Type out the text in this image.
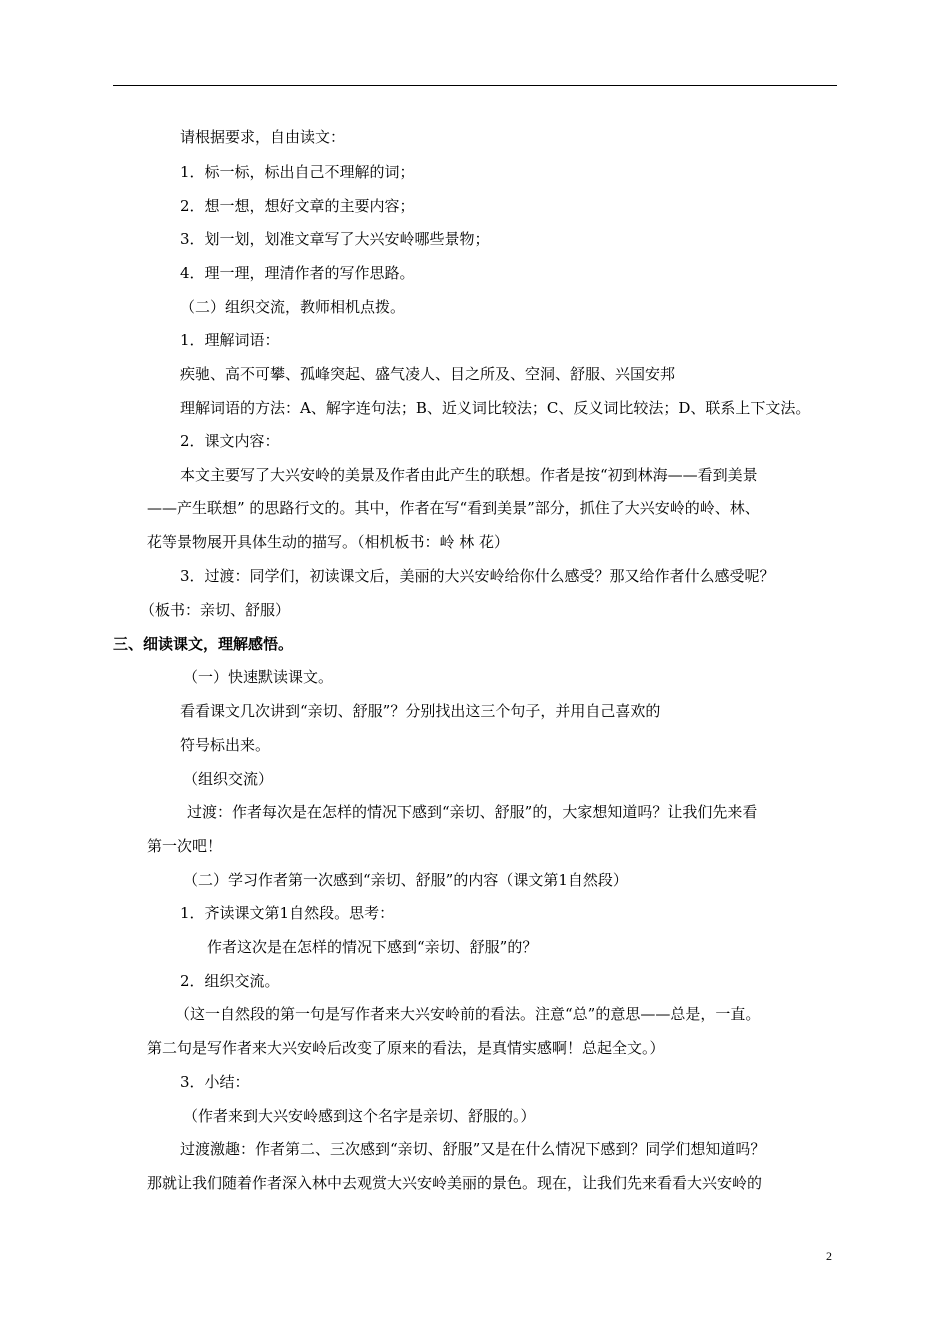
请根据要求，自由读文：

1．标一标，标出自己不理解的词；

2．想一想，想好文章的主要内容；

3．划一划，划准文章写了大兴安岭哪些景物；

4．理一理，理清作者的写作思路。

（二）组织交流，教师相机点拨。

1．理解词语：

疾驰、高不可攀、孤峰突起、盛气凌人、目之所及、空洞、舒服、兴国安邦

理解词语的方法：A、解字连句法；B、近义词比较法；C、反义词比较法；D、联系上下文法。

2．课文内容：

本文主要写了大兴安岭的美景及作者由此产生的联想。作者是按“初到林海——看到美景

——产生联想” 的思路行文的。其中，作者在写“看到美景”部分，抓住了大兴安岭的岭、林、

花等景物展开具体生动的描写。（相机板书：岭 林 花）

3．过渡：同学们，初读课文后，美丽的大兴安岭给你什么感受？那又给作者什么感受呢？

（板书：亲切、舒服）

三、细读课文，理解感悟。

（一）快速默读课文。

看看课文几次讲到“亲切、舒服”？分别找出这三个句子，并用自己喜欢的

符号标出来。

（组织交流）

过渡：作者每次是在怎样的情况下感到“亲切、舒服”的，大家想知道吗？让我们先来看

第一次吧！

（二）学习作者第一次感到“亲切、舒服”的内容（课文第1自然段）

1．齐读课文第1自然段。思考：

作者这次是在怎样的情况下感到“亲切、舒服”的？

2．组织交流。

（这一自然段的第一句是写作者来大兴安岭前的看法。注意“总”的意思——总是，一直。

第二句是写作者来大兴安岭后改变了原来的看法，是真情实感啊！总起全文。）

3．小结：

（作者来到大兴安岭感到这个名字是亲切、舒服的。）

过渡激趣：作者第二、三次感到“亲切、舒服”又是在什么情况下感到？同学们想知道吗？

那就让我们随着作者深入林中去观赏大兴安岭美丽的景色。现在，让我们先来看看大兴安岭的

2
